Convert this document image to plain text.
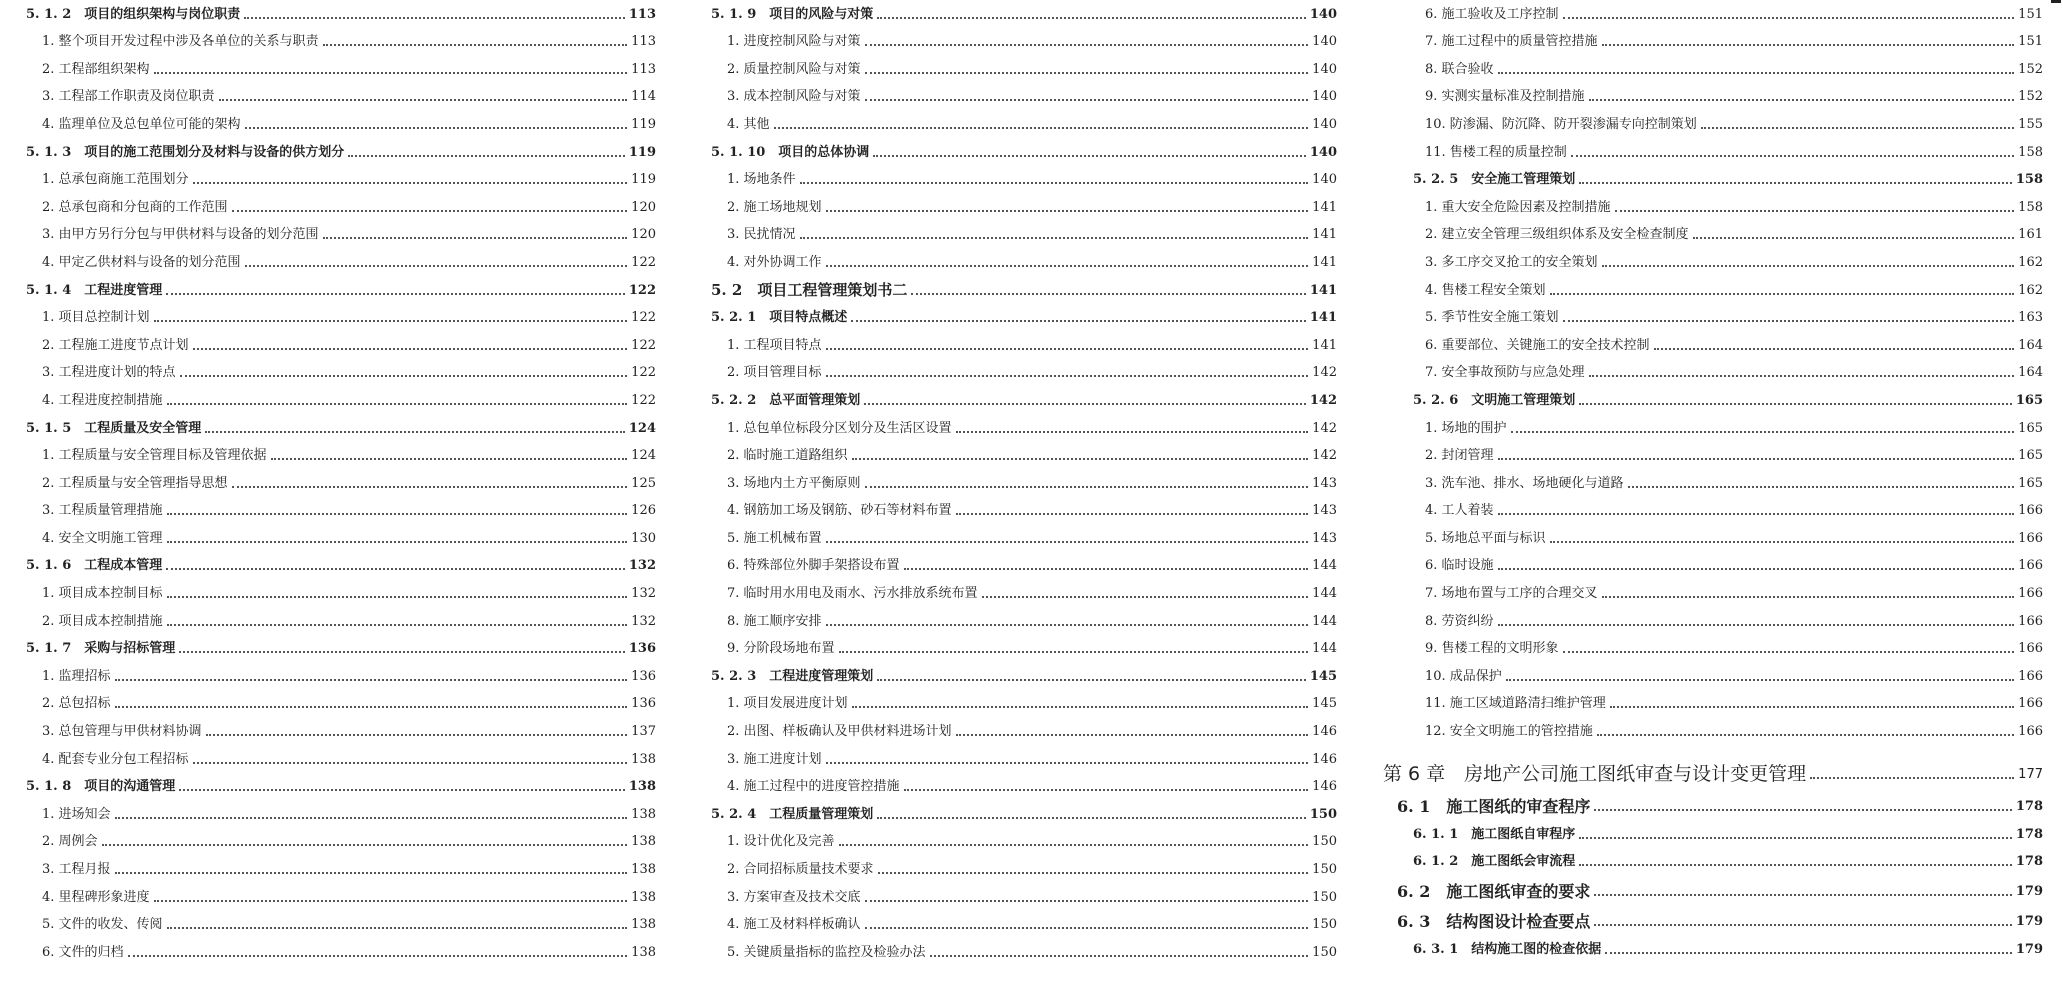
5. 1. 2　项目的组织架构与岗位职责	113
1. 整个项目开发过程中涉及各单位的关系与职责	113
2. 工程部组织架构	113
3. 工程部工作职责及岗位职责	114
4. 监理单位及总包单位可能的架构	119
5. 1. 3　项目的施工范围划分及材料与设备的供方划分	119
1. 总承包商施工范围划分	119
2. 总承包商和分包商的工作范围	120
3. 由甲方另行分包与甲供材料与设备的划分范围	120
4. 甲定乙供材料与设备的划分范围	122
5. 1. 4　工程进度管理	122
1. 项目总控制计划	122
2. 工程施工进度节点计划	122
3. 工程进度计划的特点	122
4. 工程进度控制措施	122
5. 1. 5　工程质量及安全管理	124
1. 工程质量与安全管理目标及管理依据	124
2. 工程质量与安全管理指导思想	125
3. 工程质量管理措施	126
4. 安全文明施工管理	130
5. 1. 6　工程成本管理	132
1. 项目成本控制目标	132
2. 项目成本控制措施	132
5. 1. 7　采购与招标管理	136
1. 监理招标	136
2. 总包招标	136
3. 总包管理与甲供材料协调	137
4. 配套专业分包工程招标	138
5. 1. 8　项目的沟通管理	138
1. 进场知会	138
2. 周例会	138
3. 工程月报	138
4. 里程碑形象进度	138
5. 文件的收发、传阅	138
6. 文件的归档	138
5. 1. 9　项目的风险与对策	140
1. 进度控制风险与对策	140
2. 质量控制风险与对策	140
3. 成本控制风险与对策	140
4. 其他	140
5. 1. 10　项目的总体协调	140
1. 场地条件	140
2. 施工场地规划	141
3. 民扰情况	141
4. 对外协调工作	141
5. 2　项目工程管理策划书二	141
5. 2. 1　项目特点概述	141
1. 工程项目特点	141
2. 项目管理目标	142
5. 2. 2　总平面管理策划	142
1. 总包单位标段分区划分及生活区设置	142
2. 临时施工道路组织	142
3. 场地内土方平衡原则	143
4. 钢筋加工场及钢筋、砂石等材料布置	143
5. 施工机械布置	143
6. 特殊部位外脚手架搭设布置	144
7. 临时用水用电及雨水、污水排放系统布置	144
8. 施工顺序安排	144
9. 分阶段场地布置	144
5. 2. 3　工程进度管理策划	145
1. 项目发展进度计划	145
2. 出图、样板确认及甲供材料进场计划	146
3. 施工进度计划	146
4. 施工过程中的进度管控措施	146
5. 2. 4　工程质量管理策划	150
1. 设计优化及完善	150
2. 合同招标质量技术要求	150
3. 方案审查及技术交底	150
4. 施工及材料样板确认	150
5. 关键质量指标的监控及检验办法	150
6. 施工验收及工序控制	151
7. 施工过程中的质量管控措施	151
8. 联合验收	152
9. 实测实量标准及控制措施	152
10. 防渗漏、防沉降、防开裂渗漏专向控制策划	155
11. 售楼工程的质量控制	158
5. 2. 5　安全施工管理策划	158
1. 重大安全危险因素及控制措施	158
2. 建立安全管理三级组织体系及安全检查制度	161
3. 多工序交叉抢工的安全策划	162
4. 售楼工程安全策划	162
5. 季节性安全施工策划	163
6. 重要部位、关键施工的安全技术控制	164
7. 安全事故预防与应急处理	164
5. 2. 6　文明施工管理策划	165
1. 场地的围护	165
2. 封闭管理	165
3. 洗车池、排水、场地硬化与道路	165
4. 工人着装	166
5. 场地总平面与标识	166
6. 临时设施	166
7. 场地布置与工序的合理交叉	166
8. 劳资纠纷	166
9. 售楼工程的文明形象	166
10. 成品保护	166
11. 施工区域道路清扫维护管理	166
12. 安全文明施工的管控措施	166
第 6 章　房地产公司施工图纸审查与设计变更管理	177
6. 1　施工图纸的审查程序	178
6. 1. 1　施工图纸自审程序	178
6. 1. 2　施工图纸会审流程	178
6. 2　施工图纸审查的要求	179
6. 3　结构图设计检查要点	179
6. 3. 1　结构施工图的检查依据	179
